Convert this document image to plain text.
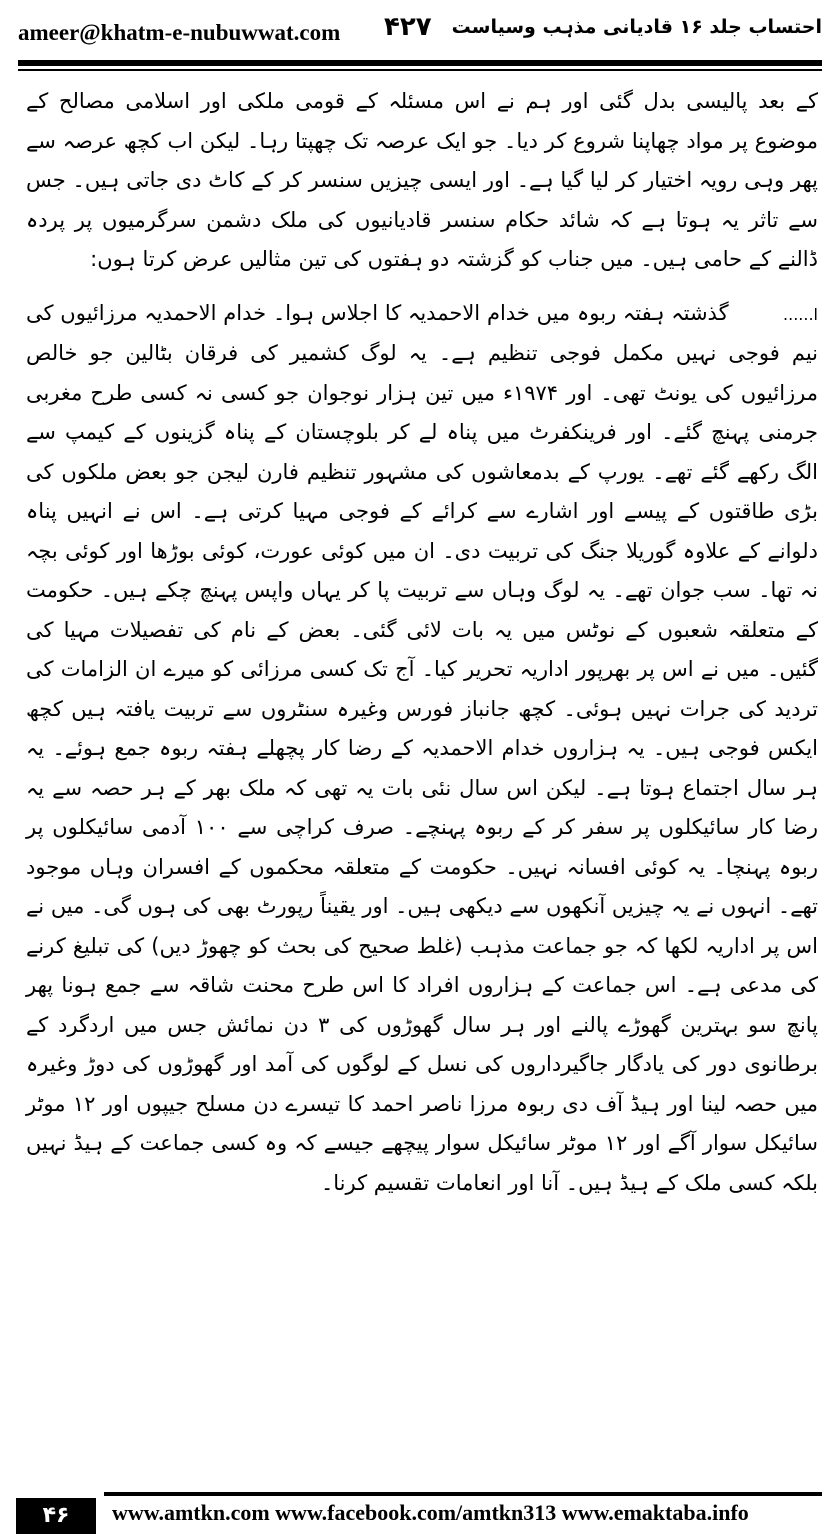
ameer@khatm-e-nubuwwat.com ۴۲۷ احتساب جلد ۱۶ قادیانی مذہب وسیاست

کے بعد پالیسی بدل گئی اور ہم نے اس مسئلہ کے قومی ملکی اور اسلامی مصالح کے موضوع پر مواد چھاپنا شروع کر دیا۔ جو ایک عرصہ تک چھپتا رہا۔ لیکن اب کچھ عرصہ سے پھر وہی رویہ اختیار کر لیا گیا ہے۔ اور ایسی چیزیں سنسر کر کے کاٹ دی جاتی ہیں۔ جس سے تاثر یہ ہوتا ہے کہ شائد حکام سنسر قادیانیوں کی ملک دشمن سرگرمیوں پر پردہ ڈالنے کے حامی ہیں۔ میں جناب کو گزشتہ دو ہفتوں کی تین مثالیں عرض کرتا ہوں:

ا......        گذشتہ ہفتہ ربوہ میں خدام الاحمدیہ کا اجلاس ہوا۔ خدام الاحمدیہ مرزائیوں کی نیم فوجی نہیں مکمل فوجی تنظیم ہے۔ یہ لوگ کشمیر کی فرقان بٹالین جو خالص مرزائیوں کی یونٹ تھی۔ اور ۱۹۷۴ء میں تین ہزار نوجوان جو کسی نہ کسی طرح مغربی جرمنی پہنچ گئے۔ اور فرینکفرٹ میں پناہ لے کر بلوچستان کے پناہ گزینوں کے کیمپ سے الگ رکھے گئے تھے۔ یورپ کے بدمعاشوں کی مشہور تنظیم فارن لیجن جو بعض ملکوں کی بڑی طاقتوں کے پیسے اور اشارے سے کرائے کے فوجی مہیا کرتی ہے۔ اس نے انہیں پناہ دلوانے کے علاوہ گوریلا جنگ کی تربیت دی۔ ان میں کوئی عورت، کوئی بوڑھا اور کوئی بچہ نہ تھا۔ سب جوان تھے۔ یہ لوگ وہاں سے تربیت پا کر یہاں واپس پہنچ چکے ہیں۔ حکومت کے متعلقہ شعبوں کے نوٹس میں یہ بات لائی گئی۔ بعض کے نام کی تفصیلات مہیا کی گئیں۔ میں نے اس پر بھرپور اداریہ تحریر کیا۔ آج تک کسی مرزائی کو میرے ان الزامات کی تردید کی جرات نہیں ہوئی۔ کچھ جانباز فورس وغیرہ سنٹروں سے تربیت یافتہ ہیں کچھ ایکس فوجی ہیں۔ یہ ہزاروں خدام الاحمدیہ کے رضا کار پچھلے ہفتہ ربوہ جمع ہوئے۔ یہ ہر سال اجتماع ہوتا ہے۔ لیکن اس سال نئی بات یہ تھی کہ ملک بھر کے ہر حصہ سے یہ رضا کار سائیکلوں پر سفر کر کے ربوہ پہنچے۔ صرف کراچی سے ۱۰۰ آدمی سائیکلوں پر ربوہ پہنچا۔ یہ کوئی افسانہ نہیں۔ حکومت کے متعلقہ محکموں کے افسران وہاں موجود تھے۔ انہوں نے یہ چیزیں آنکھوں سے دیکھی ہیں۔ اور یقیناً رپورٹ بھی کی ہوں گی۔ میں نے اس پر اداریہ لکھا کہ جو جماعت مذہب (غلط صحیح کی بحث کو چھوڑ دیں) کی تبلیغ کرنے کی مدعی ہے۔ اس جماعت کے ہزاروں افراد کا اس طرح محنت شاقہ سے جمع ہونا پھر پانچ سو بہترین گھوڑے پالنے اور ہر سال گھوڑوں کی ۳ دن نمائش جس میں اردگرد کے برطانوی دور کی یادگار جاگیرداروں کی نسل کے لوگوں کی آمد اور گھوڑوں کی دوڑ وغیرہ میں حصہ لینا اور ہیڈ آف دی ربوہ مرزا ناصر احمد کا تیسرے دن مسلح جیپوں اور ۱۲ موٹر سائیکل سوار آگے اور ۱۲ موٹر سائیکل سوار پیچھے جیسے کہ وہ کسی جماعت کے ہیڈ نہیں بلکہ کسی ملک کے ہیڈ ہیں۔ آنا اور انعامات تقسیم کرنا۔

۴۶	www.amtkn.com www.facebook.com/amtkn313 www.emaktaba.info
